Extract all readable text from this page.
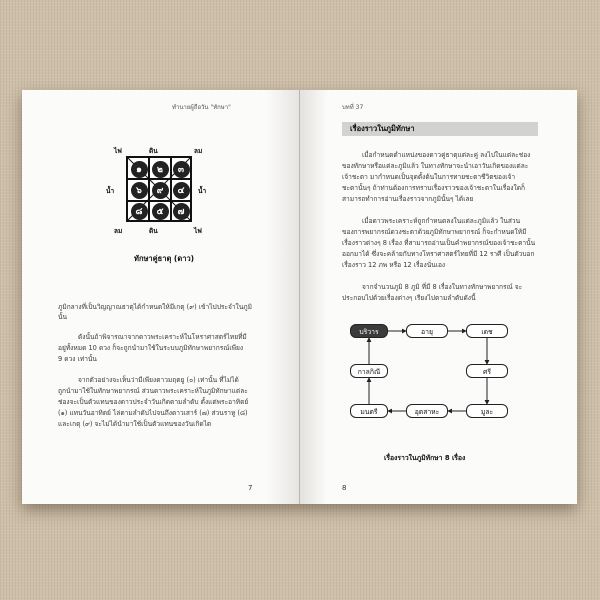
ทำนายผู้ถือวัน "ทักษา"
ไฟ	ดิน	ลม
น้ำ	น้ำ
ลม	ดิน	ไฟ
๑	๒	๓
๖	๙	๔
๘	๕	๗
ทักษาคู่ธาตุ (ดาว)

ภูมิกลางที่เป็นวิญญาณธาตุได้กำหนดให้มีเกตุ (๙) เข้าไปประจำในภูมิ

นั้น

ดังนั้นถ้าพิจารณาจากดาวพระเคราะห์ในโหราศาสตร์ไทยที่มี

อยู่ทั้งหมด 10 ดวง ก็จะถูกนำมาใช้ในระบบภูมิทักษาพยากรณ์เพียง

9 ดวง เท่านั้น

จากตัวอย่างจะเห็นว่ามีเพียงดาวมฤตยู (๐) เท่านั้น ที่ไม่ได้

ถูกนำมาใช้ในทักษาพยากรณ์ ส่วนดาวพระเคราะห์ในภูมิทักษาแต่ละ

ช่องจะเป็นตัวแทนของดาวประจำวันเกิดตามลำดับ ตั้งแต่พระอาทิตย์

(๑) แทนวันอาทิตย์ ไล่ตามลำดับไปจนถึงดาวเสาร์ (๗) ส่วนราหู (๘)

และเกตุ (๙) จะไม่ได้นำมาใช้เป็นตัวแทนของวันเกิดได

7
บทที่ 37
เรื่องราวในภูมิทักษา

เมื่อกำหนดตำแหน่งของดาวคู่ธาตุแต่ละคู่ ลงไปในแต่ละช่อง

ของทักษาหรือแต่ละภูมิแล้ว ในทางทักษาจะนำเอาวันเกิดของแต่ละ

เจ้าชะตา มากำหนดเป็นจุดตั้งต้นในการทายชะตาชีวิตของเจ้า

ชะตานั้นๆ ถ้าท่านต้องการทราบเรื่องราวของเจ้าชะตาในเรื่องใดก็

สามารถทำการอ่านเรื่องราวจากภูมินั้นๆ ได้เลย

เมื่อดาวพระเคราะห์ถูกกำหนดลงในแต่ละภูมิแล้ว ในส่วน

ของการพยากรณ์ดวงชะตาด้วยภูมิทักษาพยากรณ์ ก็จะกำหนดให้มี

เรื่องราวต่างๆ 8 เรื่อง ที่สามารถอ่านเป็นคำพยากรณ์ของเจ้าชะตานั้น

ออกมาได้ ซึ่งจะคล้ายกับทางโหราศาสตร์ไทยที่มี 12 ราศี เป็นตัวบอก

เรื่องราว 12 ภพ หรือ 12 เรื่องนั่นเอง

จากจำนวนภูมิ 8 ภูมิ ที่มี 8 เรื่องในทางทักษาพยากรณ์ จะ

ประกอบไปด้วยเรื่องต่างๆ เรียงไปตามลำดับดังนี้

บริวาร	อายุ	เดช
ศรี
มูละ
อุตสาหะ
มนตรี
กาลกิณี
เรื่องราวในภูมิทักษา 8 เรื่อง
8
